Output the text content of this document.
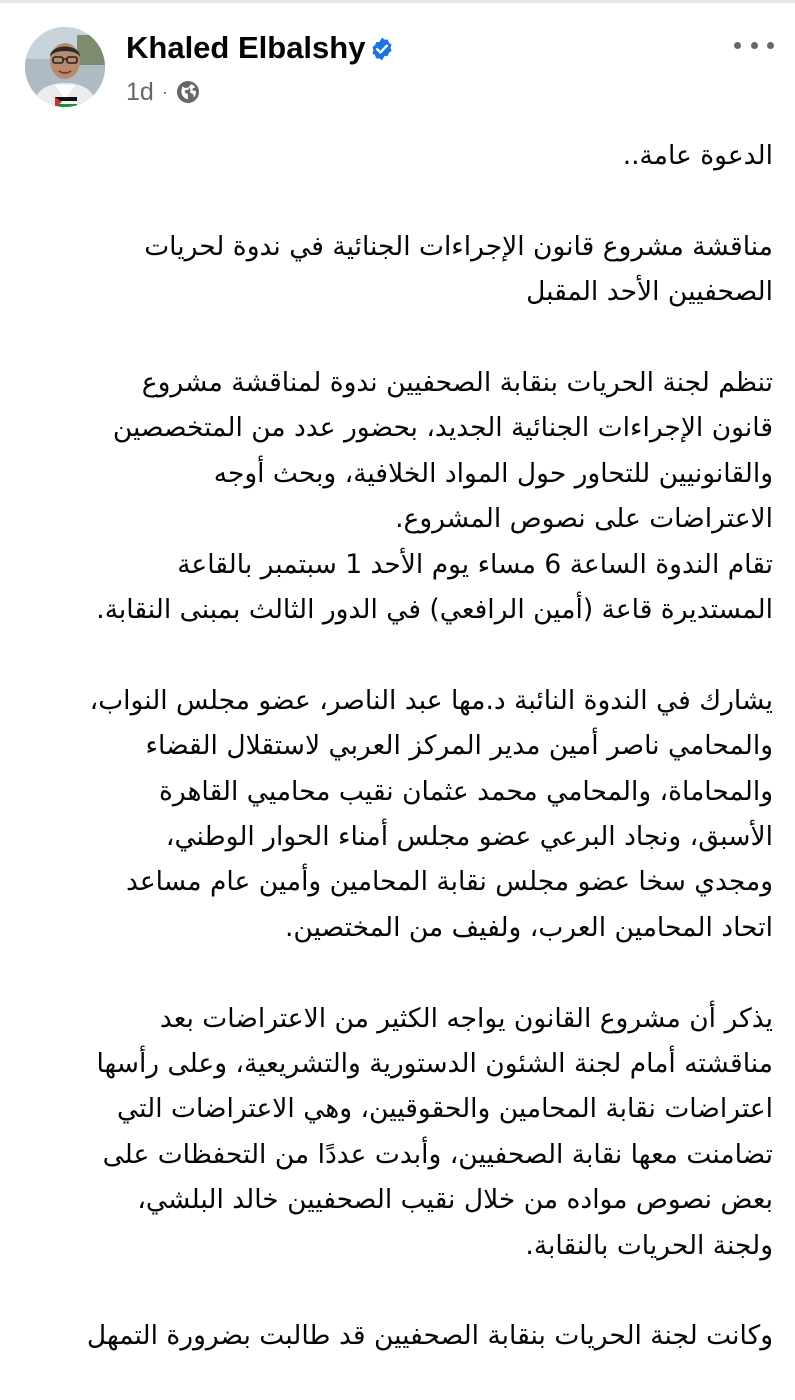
Khaled Elbalshy
1d ·

الدعوة عامة..

مناقشة مشروع قانون الإجراءات الجنائية في ندوة لحريات
الصحفيين الأحد المقبل

تنظم لجنة الحريات بنقابة الصحفيين ندوة لمناقشة مشروع
قانون الإجراءات الجنائية الجديد، بحضور عدد من المتخصصين
والقانونيين للتحاور حول المواد الخلافية، وبحث أوجه
الاعتراضات على نصوص المشروع.
تقام الندوة الساعة 6 مساء يوم الأحد 1 سبتمبر بالقاعة
المستديرة قاعة (أمين الرافعي) في الدور الثالث بمبنى النقابة.

يشارك في الندوة النائبة د.مها عبد الناصر، عضو مجلس النواب،
والمحامي ناصر أمين مدير المركز العربي لاستقلال القضاء
والمحاماة، والمحامي محمد عثمان نقيب محاميي القاهرة
الأسبق، ونجاد البرعي عضو مجلس أمناء الحوار الوطني،
ومجدي سخا عضو مجلس نقابة المحامين وأمين عام مساعد
اتحاد المحامين العرب، ولفيف من المختصين.

يذكر أن مشروع القانون يواجه الكثير من الاعتراضات بعد
مناقشته أمام لجنة الشئون الدستورية والتشريعية، وعلى رأسها
اعتراضات نقابة المحامين والحقوقيين، وهي الاعتراضات التي
تضامنت معها نقابة الصحفيين، وأبدت عددًا من التحفظات على
بعض نصوص مواده من خلال نقيب الصحفيين خالد البلشي،
ولجنة الحريات بالنقابة.

وكانت لجنة الحريات بنقابة الصحفيين قد طالبت بضرورة التمهل
